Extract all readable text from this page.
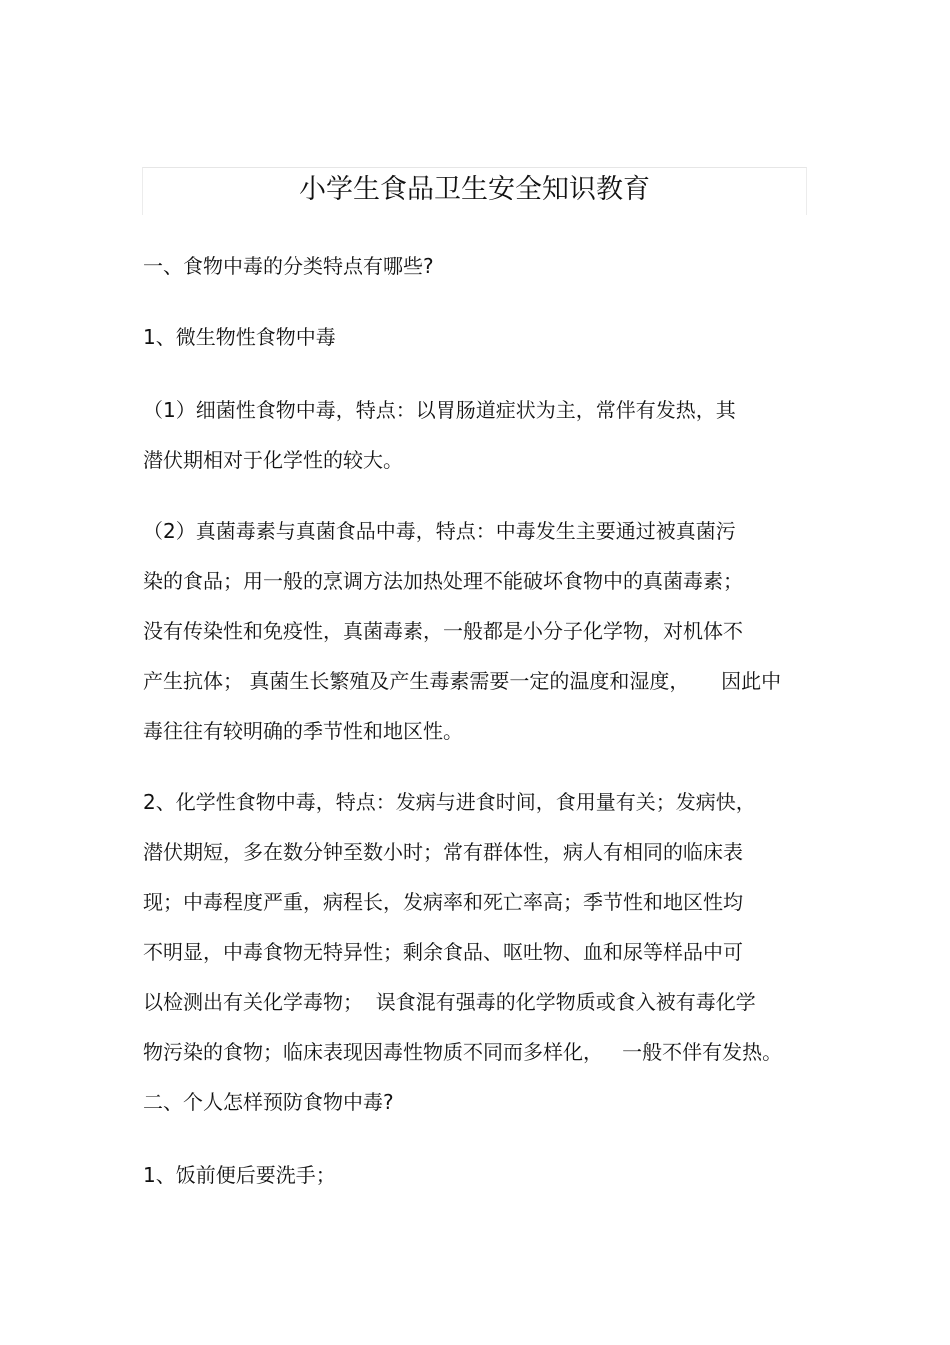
小学生食品卫生安全知识教育
一、食物中毒的分类特点有哪些?
1、微生物性食物中毒
（1）细菌性食物中毒，特点：以胃肠道症状为主，常伴有发热，其
潜伏期相对于化学性的较大。
（2）真菌毒素与真菌食品中毒，特点：中毒发生主要通过被真菌污
染的食品；用一般的烹调方法加热处理不能破坏食物中的真菌毒素；
没有传染性和免疫性，真菌毒素，一般都是小分子化学物，对机体不
产生抗体； 真菌生长繁殖及产生毒素需要一定的温度和湿度，     因此中
毒往往有较明确的季节性和地区性。
2、化学性食物中毒，特点：发病与进食时间，食用量有关；发病快，
潜伏期短，多在数分钟至数小时；常有群体性，病人有相同的临床表
现；中毒程度严重，病程长，发病率和死亡率高；季节性和地区性均
不明显，中毒食物无特异性；剩余食品、呕吐物、血和尿等样品中可
以检测出有关化学毒物；  误食混有强毒的化学物质或食入被有毒化学
物污染的食物；临床表现因毒性物质不同而多样化，   一般不伴有发热。
二、个人怎样预防食物中毒?
1、饭前便后要洗手；
